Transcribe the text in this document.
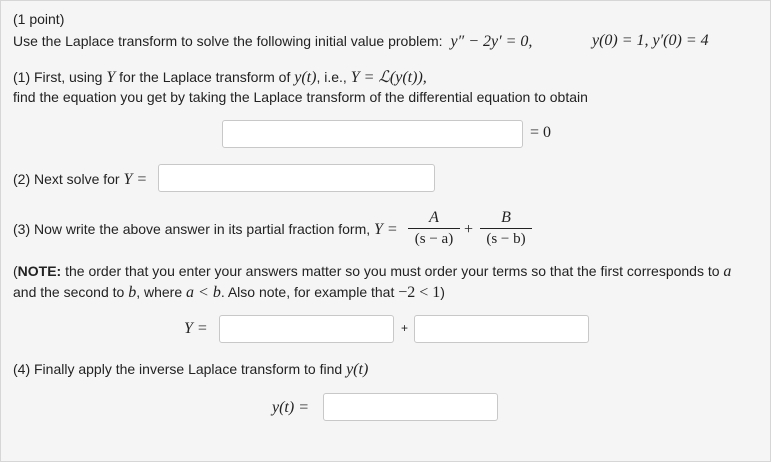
(1 point)
Use the Laplace transform to solve the following initial value problem: y″ − 2y′ = 0,	y(0) = 1, y′(0) = 4
(1) First, using Y for the Laplace transform of y(t), i.e., Y = ℒ(y(t)),
find the equation you get by taking the Laplace transform of the differential equation to obtain
= 0
(2) Next solve for Y =
(3) Now write the above answer in its partial fraction form, Y =
A
(s − a)
+
B
(s − b)
(NOTE: the order that you enter your answers matter so you must order your terms so that the first corresponds to a
and the second to b, where a < b. Also note, for example that −2 < 1)
Y =	+
(4) Finally apply the inverse Laplace transform to find y(t)
y(t) =
